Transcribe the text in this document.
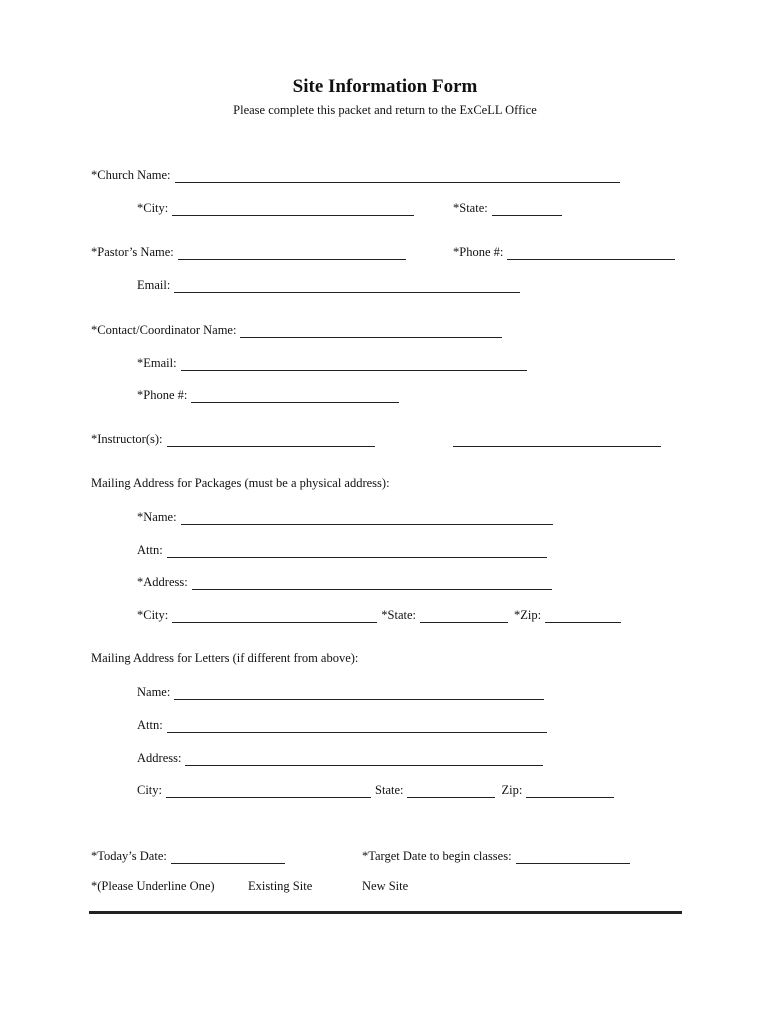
Site Information Form
Please complete this packet and return to the ExCeLL Office
*Church Name:
*City:	*State:
*Pastor’s Name:	*Phone #:
Email:
*Contact/Coordinator Name:
*Email:
*Phone #:
*Instructor(s):
Mailing Address for Packages (must be a physical address):
*Name:
Attn:
*Address:
*City:	*State:	*Zip:
Mailing Address for Letters (if different from above):
Name:
Attn:
Address:
City:	State:	Zip:
*Today’s Date:	*Target Date to begin classes:
*(Please Underline One)	Existing Site	New Site
